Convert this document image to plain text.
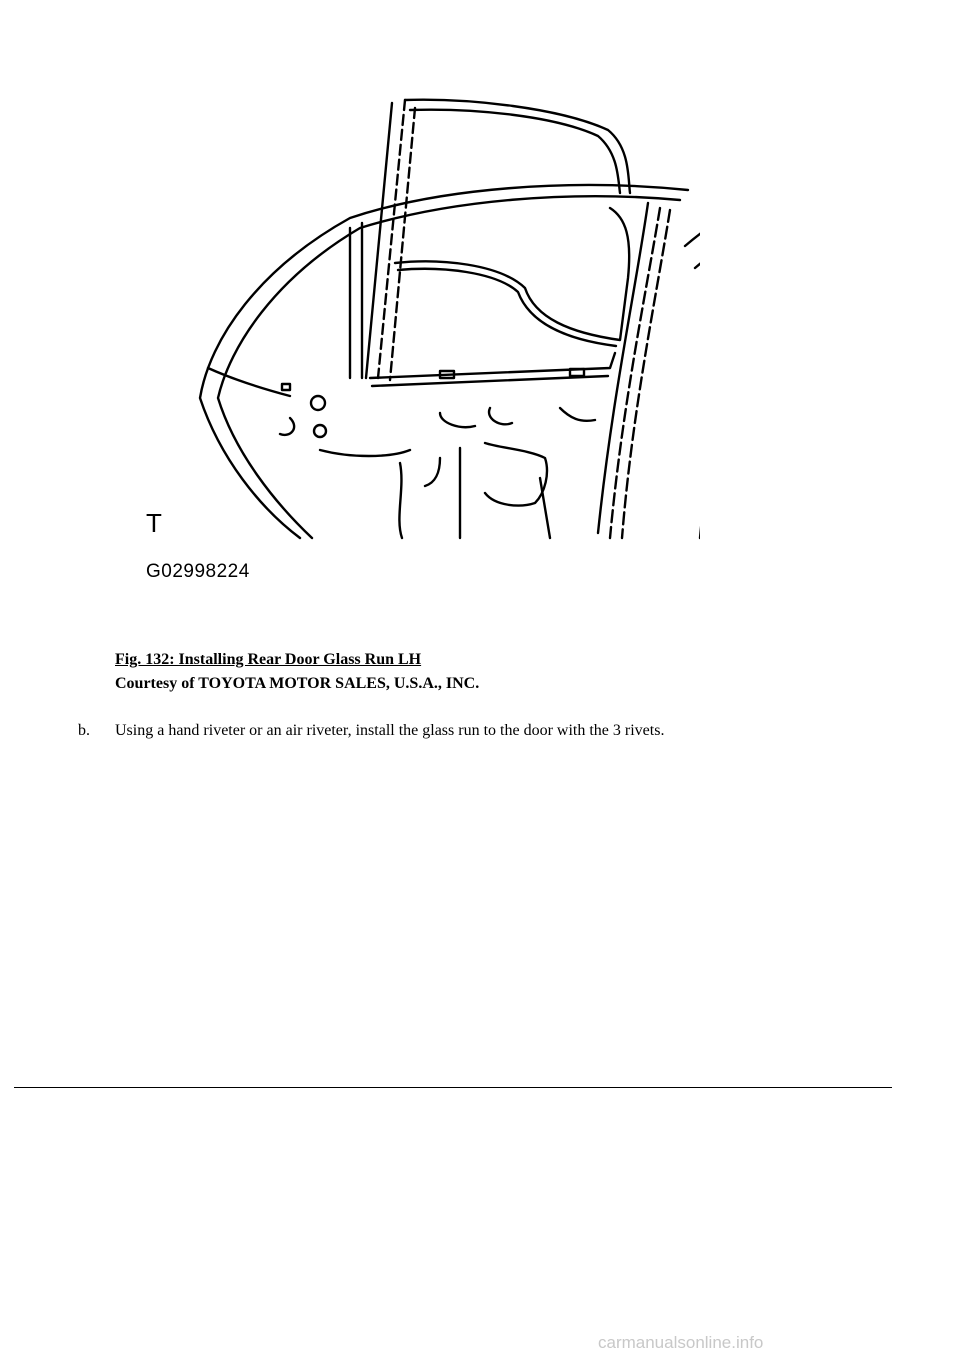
T
G02998224
Fig. 132: Installing Rear Door Glass Run LH
Courtesy of TOYOTA MOTOR SALES, U.S.A., INC.
b. Using a hand riveter or an air riveter, install the glass run to the door with the 3 rivets.
carmanualsonline.info
